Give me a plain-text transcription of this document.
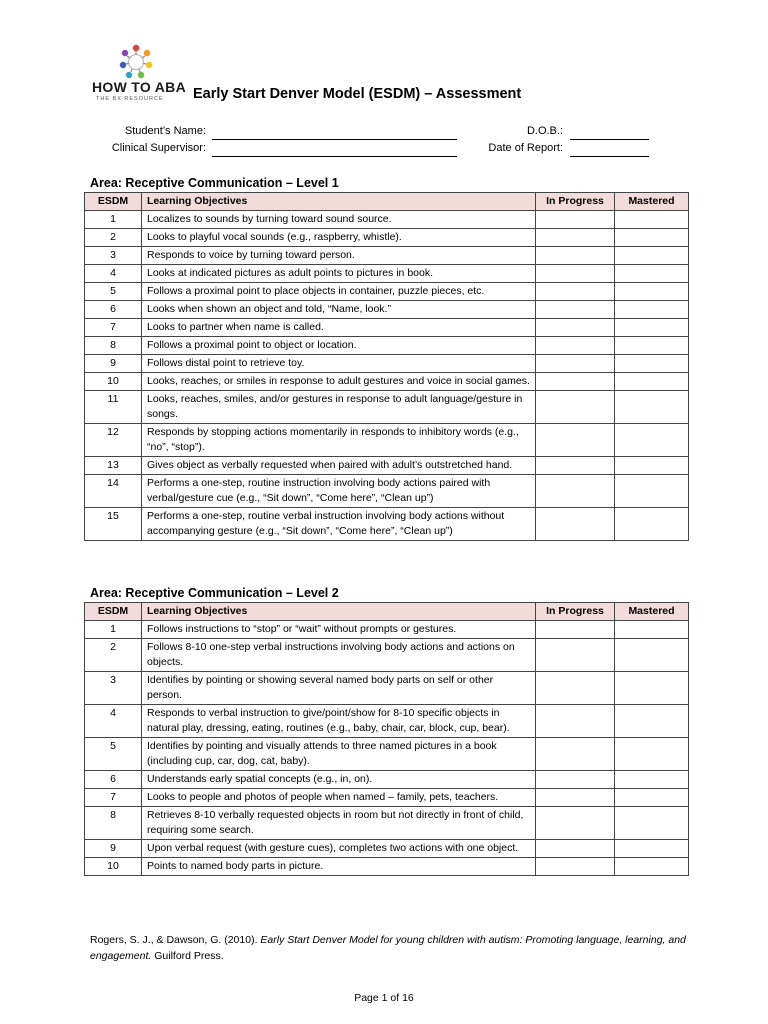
HOW TO ABA
THE BX RESOURCE Early Start Denver Model (ESDM) – Assessment
Student’s Name:
Clinical Supervisor:
D.O.B.:
Date of Report:
Area: Receptive Communication – Level 1
ESDM	Learning Objectives	In Progress	Mastered
1	Localizes to sounds by turning toward sound source.		
2	Looks to playful vocal sounds (e.g., raspberry, whistle).		
3	Responds to voice by turning toward person.		
4	Looks at indicated pictures as adult points to pictures in book.		
5	Follows a proximal point to place objects in container, puzzle pieces, etc.		
6	Looks when shown an object and told, “Name, look.”		
7	Looks to partner when name is called.		
8	Follows a proximal point to object or location.		
9	Follows distal point to retrieve toy.		
10	Looks, reaches, or smiles in response to adult gestures and voice in social games.		
11	Looks, reaches, smiles, and/or gestures in response to adult language/gesture in songs.		
12	Responds by stopping actions momentarily in responds to inhibitory words (e.g., “no”, “stop”).		
13	Gives object as verbally requested when paired with adult’s outstretched hand.		
14	Performs a one-step, routine instruction involving body actions paired with verbal/gesture cue (e.g., “Sit down”, “Come here”, “Clean up”)		
15	Performs a one-step, routine verbal instruction involving body actions without accompanying gesture (e.g., “Sit down”, “Come here”, “Clean up”)		
Area: Receptive Communication – Level 2
ESDM	Learning Objectives	In Progress	Mastered
1	Follows instructions to “stop” or “wait” without prompts or gestures.		
2	Follows 8-10 one-step verbal instructions involving body actions and actions on objects.		
3	Identifies by pointing or showing several named body parts on self or other person.		
4	Responds to verbal instruction to give/point/show for 8-10 specific objects in natural play, dressing, eating, routines (e.g., baby, chair, car, block, cup, bear).		
5	Identifies by pointing and visually attends to three named pictures in a book (including cup, car, dog, cat, baby).		
6	Understands early spatial concepts (e.g., in, on).		
7	Looks to people and photos of people when named – family, pets, teachers.		
8	Retrieves 8-10 verbally requested objects in room but not directly in front of child, requiring some search.		
9	Upon verbal request (with gesture cues), completes two actions with one object.		
10	Points to named body parts in picture.		
Rogers, S. J., & Dawson, G. (2010). Early Start Denver Model for young children with autism: Promoting language, learning, and engagement. Guilford Press.
Page 1 of 16
